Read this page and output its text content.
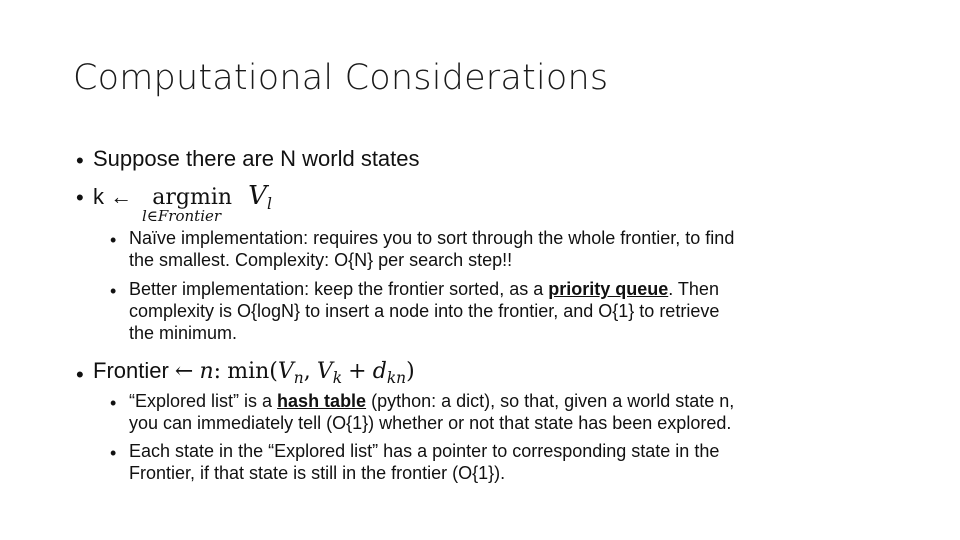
Computational Considerations
• Suppose there are N world states
• k ← argmin $V_l$
l∈Frontier
• Naïve implementation: requires you to sort through the whole frontier, to find
the smallest. Complexity: O{N} per search step!!
• Better implementation: keep the frontier sorted, as a priority queue. Then
complexity is O{logN} to insert a node into the frontier, and O{1} to retrieve
the minimum.
• Frontier ← n: $\min(V_n$, $V_k + d_{kn}$)
• “Explored list” is a hash table (python: a dict), so that, given a world state n,
you can immediately tell (O{1}) whether or not that state has been explored.
• Each state in the “Explored list” has a pointer to corresponding state in the
Frontier, if that state is still in the frontier (O{1}).
